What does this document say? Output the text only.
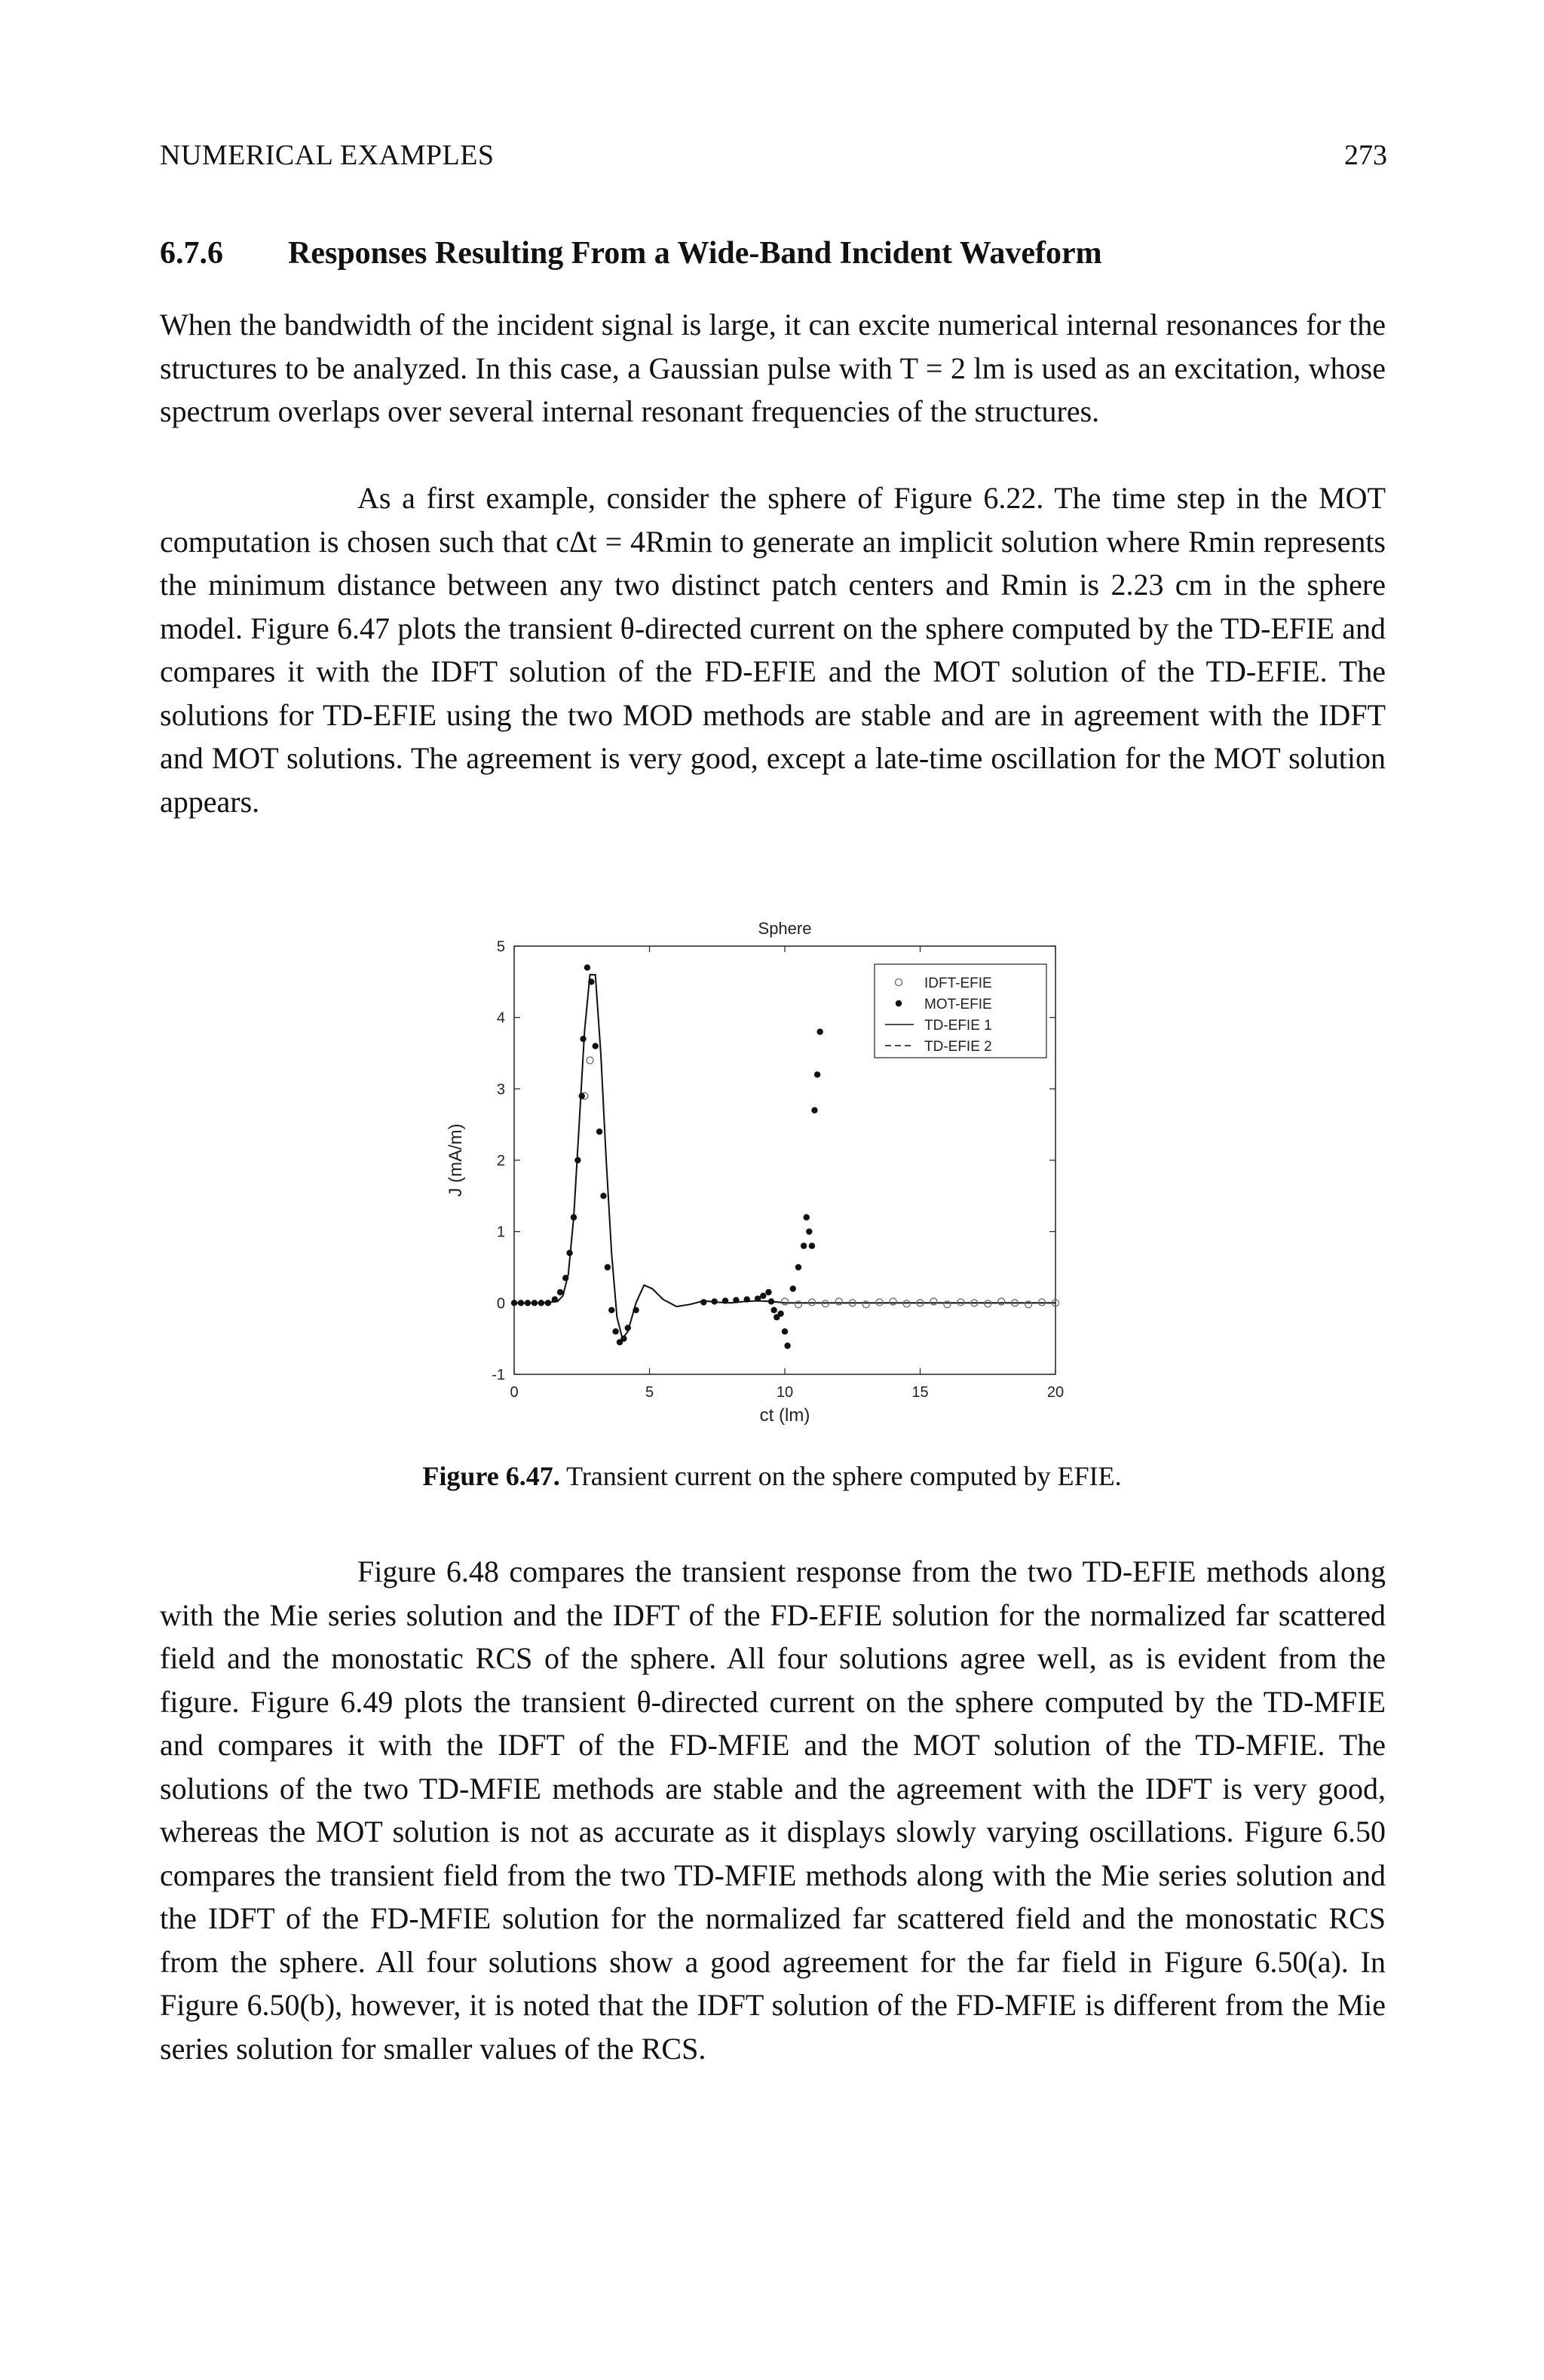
NUMERICAL EXAMPLES	273
6.7.6 Responses Resulting From a Wide-Band Incident Waveform

When the bandwidth of the incident signal is large, it can excite numerical internal resonances for the structures to be analyzed. In this case, a Gaussian pulse with T = 2 lm is used as an excitation, whose spectrum overlaps over several internal resonant frequencies of the structures.

As a first example, consider the sphere of Figure 6.22. The time step in the MOT computation is chosen such that cΔt = 4Rmin to generate an implicit solution where Rmin represents the minimum distance between any two distinct patch centers and Rmin is 2.23 cm in the sphere model. Figure 6.47 plots the transient θ-directed current on the sphere computed by the TD-EFIE and compares it with the IDFT solution of the FD-EFIE and the MOT solution of the TD-EFIE. The solutions for TD-EFIE using the two MOD methods are stable and are in agreement with the IDFT and MOT solutions. The agreement is very good, except a late-time oscillation for the MOT solution appears.

Sphere
0	5	10	15	20
-1
0
1
2
3
4
5
ct (lm)
J (mA/m)
IDFT-EFIE
MOT-EFIE
TD-EFIE 1
TD-EFIE 2
Figure 6.47. Transient current on the sphere computed by EFIE.

Figure 6.48 compares the transient response from the two TD-EFIE methods along with the Mie series solution and the IDFT of the FD-EFIE solution for the normalized far scattered field and the monostatic RCS of the sphere. All four solutions agree well, as is evident from the figure. Figure 6.49 plots the transient θ-directed current on the sphere computed by the TD-MFIE and compares it with the IDFT of the FD-MFIE and the MOT solution of the TD-MFIE. The solutions of the two TD-MFIE methods are stable and the agreement with the IDFT is very good, whereas the MOT solution is not as accurate as it displays slowly varying oscillations. Figure 6.50 compares the transient field from the two TD-MFIE methods along with the Mie series solution and the IDFT of the FD-MFIE solution for the normalized far scattered field and the monostatic RCS from the sphere. All four solutions show a good agreement for the far field in Figure 6.50(a). In Figure 6.50(b), however, it is noted that the IDFT solution of the FD-MFIE is different from the Mie series solution for smaller values of the RCS.
